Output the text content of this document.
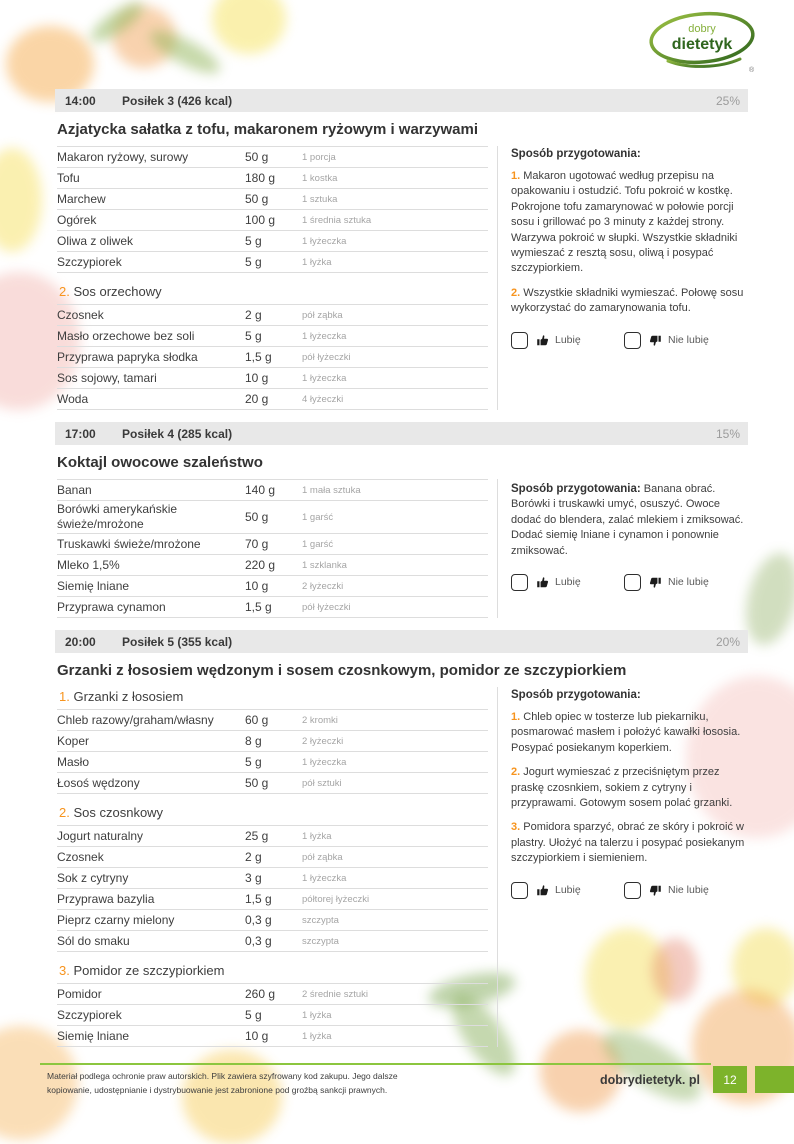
dobry
dietetyk
®
14:00	Posiłek 3 (426 kcal)	25%
Azjatycka sałatka z tofu, makaronem ryżowym i warzywami
Makaron ryżowy, surowy	50 g	1 porcja
Tofu	180 g	1 kostka
Marchew	50 g	1 sztuka
Ogórek	100 g	1 średnia sztuka
Oliwa z oliwek	5 g	1 łyżeczka
Szczypiorek	5 g	1 łyżka
2. Sos orzechowy
Czosnek	2 g	pół ząbka
Masło orzechowe bez soli	5 g	1 łyżeczka
Przyprawa papryka słodka	1,5 g	pół łyżeczki
Sos sojowy, tamari	10 g	1 łyżeczka
Woda	20 g	4 łyżeczki

Sposób przygotowania:

1. Makaron ugotować według przepisu na opakowaniu i ostudzić. Tofu pokroić w kostkę. Pokrojone tofu zamarynować w połowie porcji sosu i grillować po 3 minuty z każdej strony. Warzywa pokroić w słupki. Wszystkie składniki wymieszać z resztą sosu, oliwą i posypać szczypiorkiem.

2. Wszystkie składniki wymieszać. Połowę sosu wykorzystać do zamarynowania tofu.

Lubię	Nie lubię
17:00	Posiłek 4 (285 kcal)	15%
Koktajl owocowe szaleństwo
Banan	140 g	1 mała sztuka
Borówki amerykańskie świeże/mrożone	50 g	1 garść
Truskawki świeże/mrożone	70 g	1 garść
Mleko 1,5%	220 g	1 szklanka
Siemię lniane	10 g	2 łyżeczki
Przyprawa cynamon	1,5 g	pół łyżeczki

Sposób przygotowania: Banana obrać. Borówki i truskawki umyć, osuszyć. Owoce dodać do blendera, zalać mlekiem i zmiksować. Dodać siemię lniane i cynamon i ponownie zmiksować.

Lubię	Nie lubię
20:00	Posiłek 5 (355 kcal)	20%
Grzanki z łososiem wędzonym i sosem czosnkowym, pomidor ze szczypiorkiem
1. Grzanki z łososiem
Chleb razowy/graham/własny	60 g	2 kromki
Koper	8 g	2 łyżeczki
Masło	5 g	1 łyżeczka
Łosoś wędzony	50 g	pół sztuki
2. Sos czosnkowy
Jogurt naturalny	25 g	1 łyżka
Czosnek	2 g	pół ząbka
Sok z cytryny	3 g	1 łyżeczka
Przyprawa bazylia	1,5 g	półtorej łyżeczki
Pieprz czarny mielony	0,3 g	szczypta
Sól do smaku	0,3 g	szczypta
3. Pomidor ze szczypiorkiem
Pomidor	260 g	2 średnie sztuki
Szczypiorek	5 g	1 łyżka
Siemię lniane	10 g	1 łyżka

Sposób przygotowania:

1. Chleb opiec w tosterze lub piekarniku, posmarować masłem i położyć kawałki łososia. Posypać posiekanym koperkiem.

2. Jogurt wymieszać z przeciśniętym przez praskę czosnkiem, sokiem z cytryny i przyprawami. Gotowym sosem polać grzanki.

3. Pomidora sparzyć, obrać ze skóry i pokroić w plastry. Ułożyć na talerzu i posypać posiekanym szczypiorkiem i siemieniem.

Lubię	Nie lubię
Materiał podlega ochronie praw autorskich. Plik zawiera szyfrowany kod zakupu. Jego dalsze
kopiowanie, udostępnianie i dystrybuowanie jest zabronione pod groźbą sankcji prawnych.
dobrydietetyk. pl	12
